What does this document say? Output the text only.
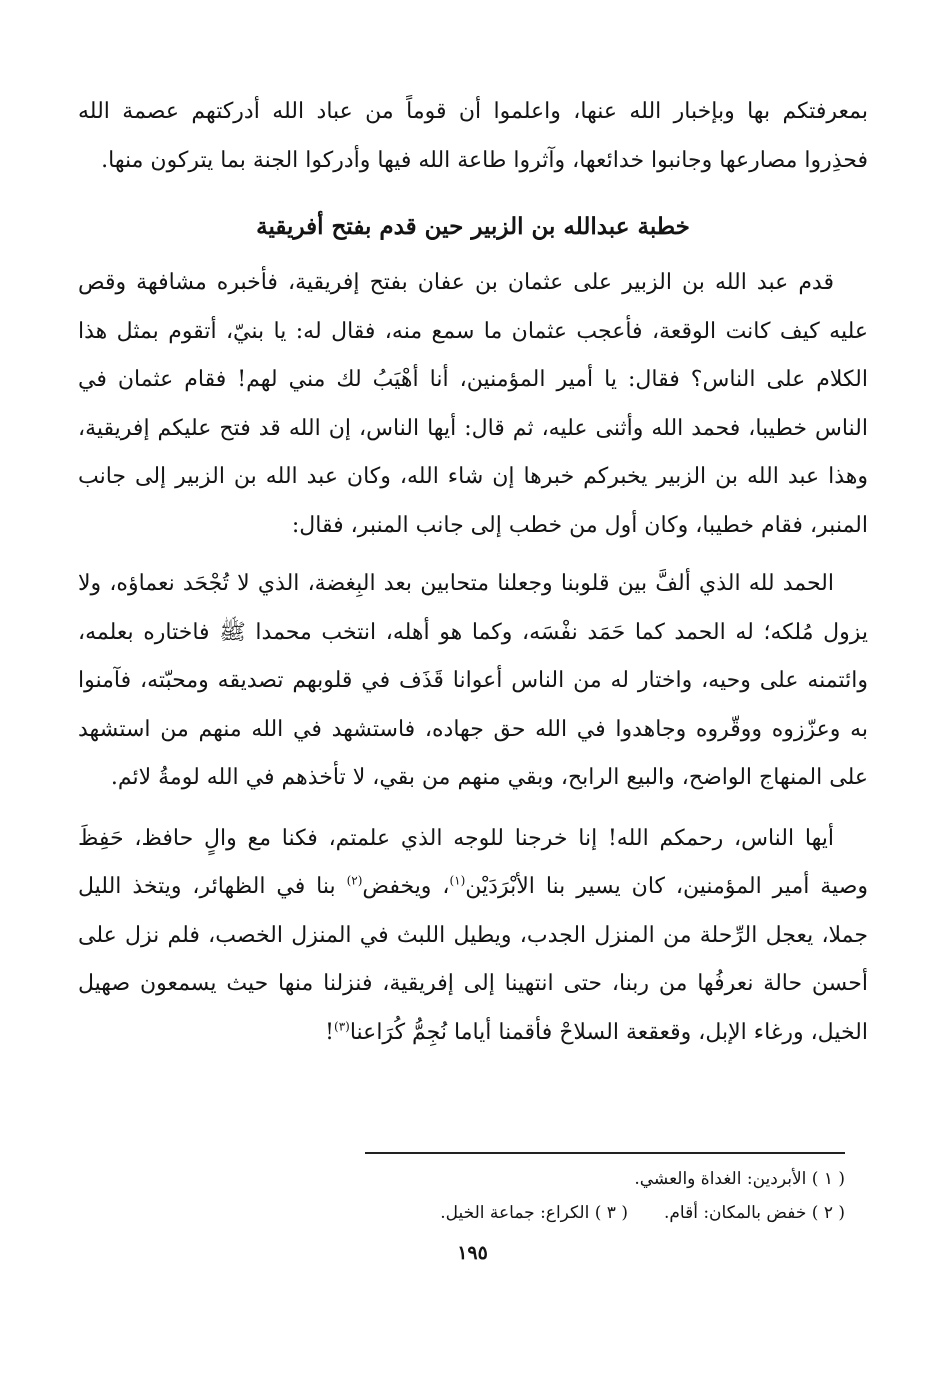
بمعرفتكم بها وبإخبار الله عنها، واعلموا أن قوماً من عباد الله أدركتهم عصمة الله فحذِروا مصارعها وجانبوا خدائعها، وآثروا طاعة الله فيها وأدركوا الجنة بما يتركون منها.

خطبة عبدالله بن الزبير حين قدم بفتح أفريقية

قدم عبد الله بن الزبير على عثمان بن عفان بفتح إفريقية، فأخبره مشافهة وقص عليه كيف كانت الوقعة، فأعجب عثمان ما سمع منه، فقال له: يا بنيّ، أتقوم بمثل هذا الكلام على الناس؟ فقال: يا أمير المؤمنين، أنا أهْيَبُ لك مني لهم! فقام عثمان في الناس خطيبا، فحمد الله وأثنى عليه، ثم قال: أيها الناس، إن الله قد فتح عليكم إفريقية، وهذا عبد الله بن الزبير يخبركم خبرها إن شاء الله، وكان عبد الله بن الزبير إلى جانب المنبر، فقام خطيبا، وكان أول من خطب إلى جانب المنبر، فقال:

الحمد لله الذي ألفَّ بين قلوبنا وجعلنا متحابين بعد البِغضة، الذي لا تُجْحَد نعماؤه، ولا يزول مُلكه؛ له الحمد كما حَمَد نفْسَه، وكما هو أهله، انتخب محمدا ﷺ فاختاره بعلمه، وائتمنه على وحيه، واختار له من الناس أعوانا قَذَف في قلوبهم تصديقه ومحبّته، فآمنوا به وعزّزوه ووقّروه وجاهدوا في الله حق جهاده، فاستشهد في الله منهم من استشهد على المنهاج الواضح، والبيع الرابح، وبقي منهم من بقي، لا تأخذهم في الله لومةُ لائم.

أيها الناس، رحمكم الله! إنا خرجنا للوجه الذي علمتم، فكنا مع والٍ حافظ، حَفِظَ وصية أمير المؤمنين، كان يسير بنا الأبْرَدَيْن$^{(١)}$، ويخفض$^{(٢)}$ بنا في الظهائر، ويتخذ الليل جملا، يعجل الرِّحلة من المنزل الجدب، ويطيل اللبث في المنزل الخصب، فلم نزل على أحسن حالة نعرفُها من ربنا، حتى انتهينا إلى إفريقية، فنزلنا منها حيث يسمعون صهيل الخيل، ورغاء الإبل، وقعقعة السلاحْ فأقمنا أياما نُجِمُّ كُرَاعنا$^{(٣)}$!

( ١ ) الأبردين: الغداة والعشي.
( ٢ ) خفض بالمكان: أقام.( ٣ ) الكراع: جماعة الخيل.
١٩٥
